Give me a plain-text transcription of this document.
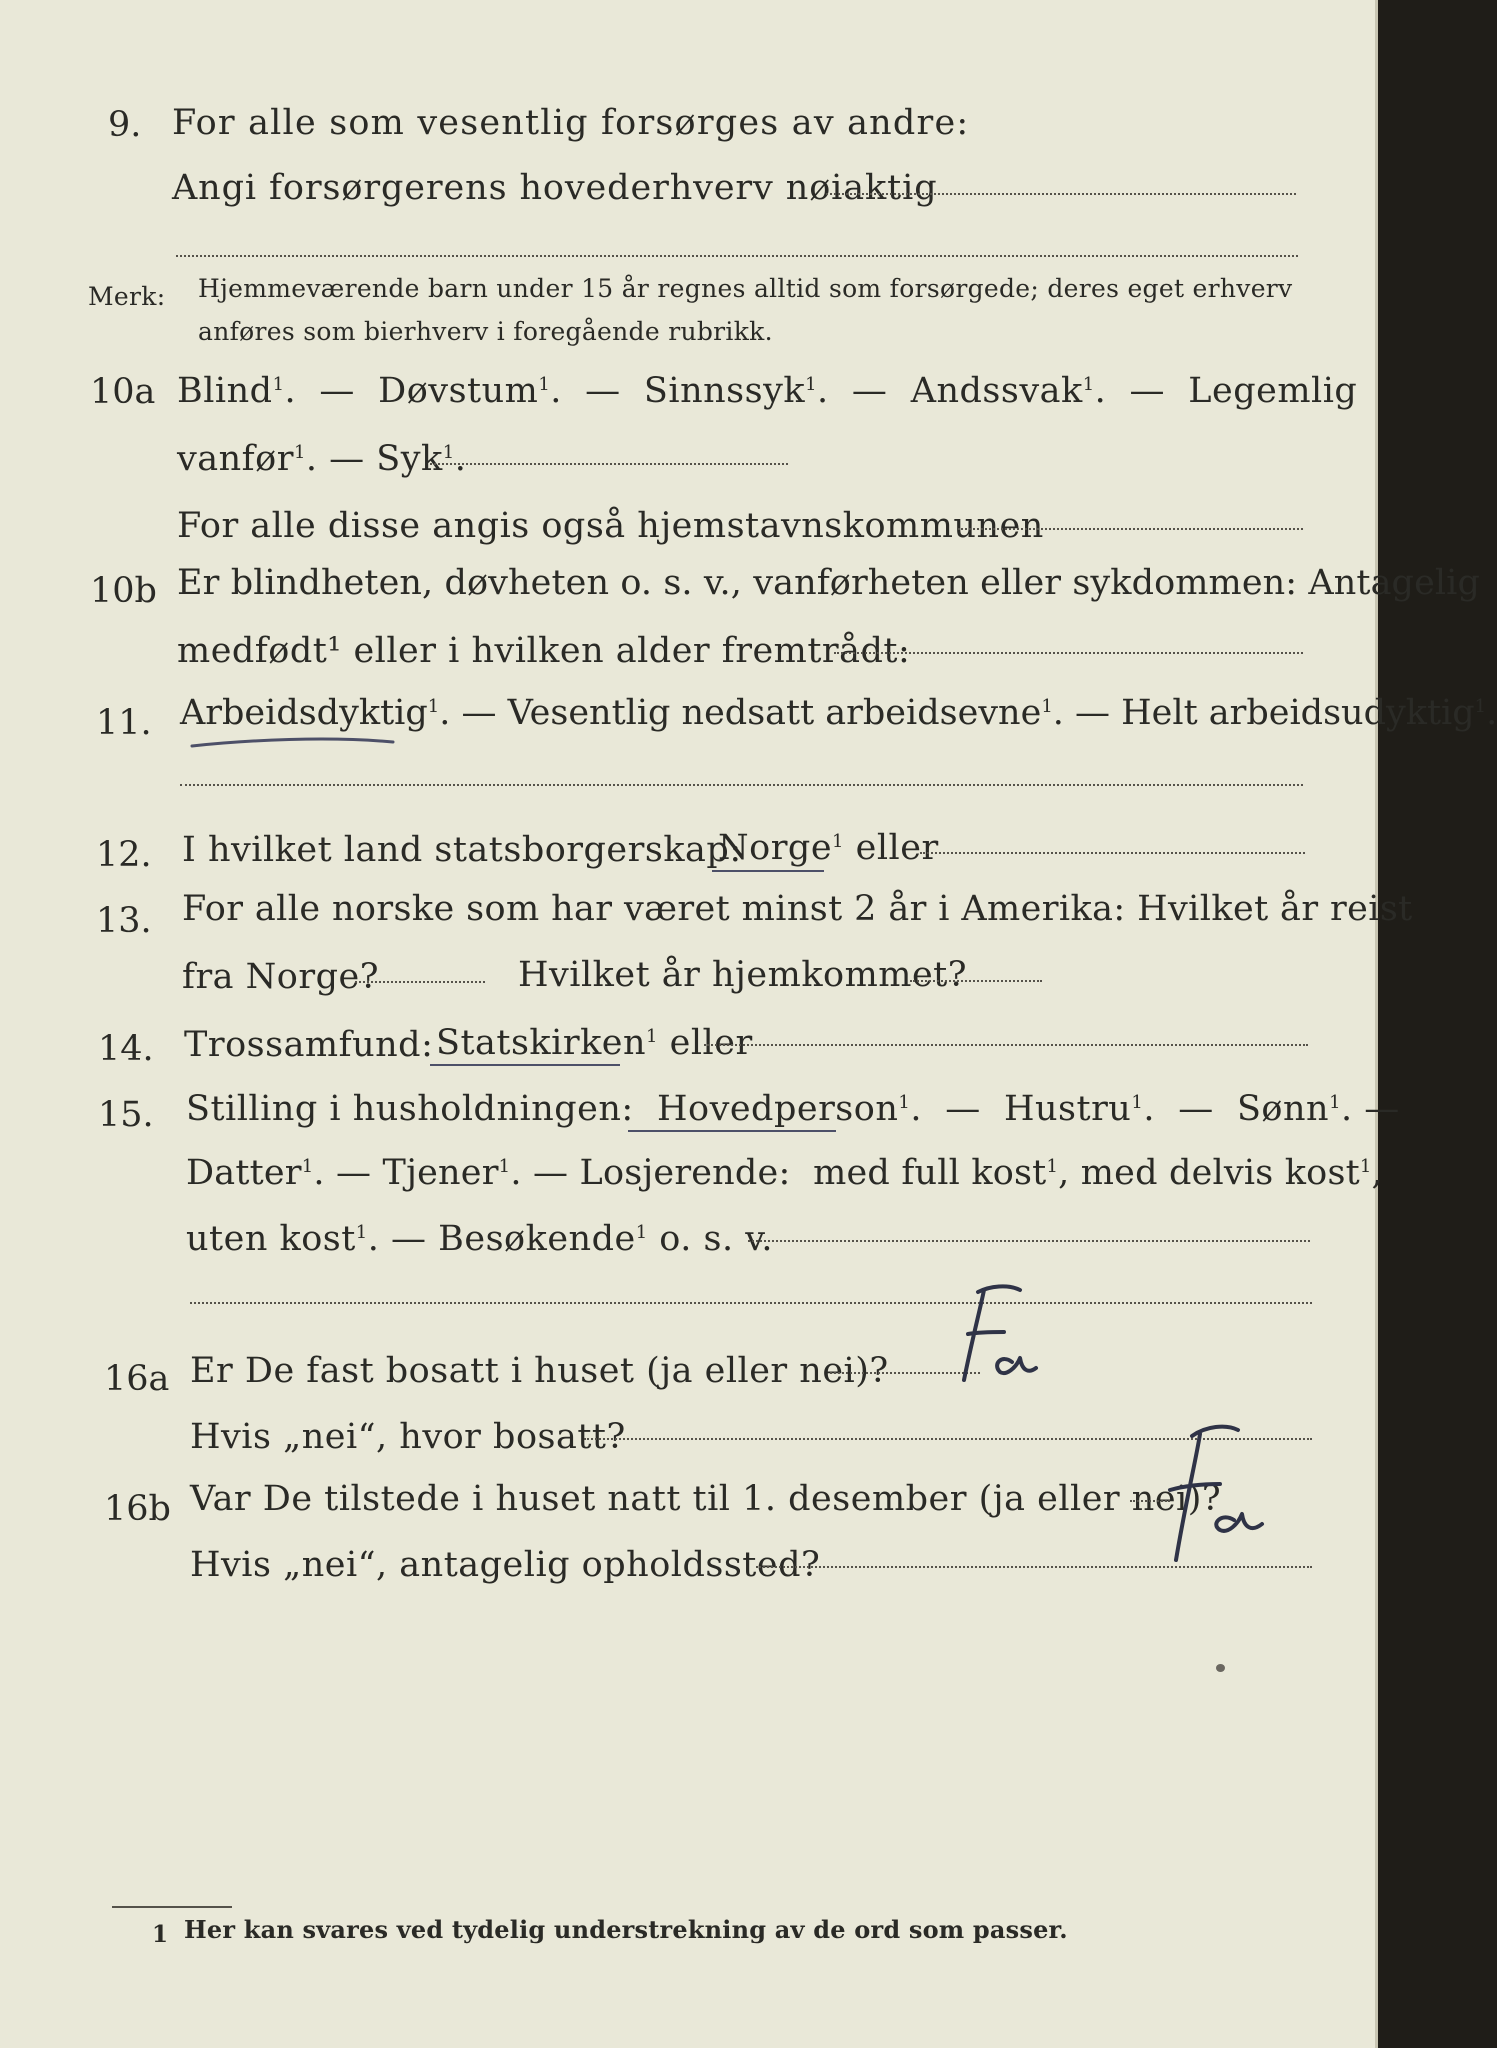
9. For alle som vesentlig forsørges av andre:
Angi forsørgerens hovederhverv nøiaktig
Merk: Hjemmeværende barn under 15 år regnes alltid som forsørgede; deres eget erhverv
anføres som bierhverv i foregående rubrikk.
10a Blind$^1$.  —  Døvstum$^1$.  —  Sinnssyk$^1$.  —  Andssvak$^1$.  —  Legemlig
vanfør$^1$. — Syk$^1$.
For alle disse angis også hjemstavnskommunen
10b Er blindheten, døvheten o. s. v., vanførheten eller sykdommen: Antagelig
medfødt¹ eller i hvilken alder fremtrådt:
11. Arbeidsdyktig$^1$. — Vesentlig nedsatt arbeidsevne$^1$. — Helt arbeidsudyktig$^1$.
12. I hvilket land statsborgerskap:
Norge$^1$ eller
13. For alle norske som har været minst 2 år i Amerika: Hvilket år reist
fra Norge?	Hvilket år hjemkommet?
14. Trossamfund: Statskirken$^1$ eller
15. Stilling i husholdningen: Hovedperson$^1$.  —  Hustru$^1$.  —  Sønn$^1$. —
Datter$^1$. — Tjener$^1$. — Losjerende: med full kost$^1$, med delvis kost$^1$,
uten kost$^1$. — Besøkende$^1$ o. s. v.
16a Er De fast bosatt i huset (ja eller nei)?
Hvis „nei“, hvor bosatt?
16b Var De tilstede i huset natt til 1. desember (ja eller nei)?
Hvis „nei“, antagelig opholdssted?
1 Her kan svares ved tydelig understrekning av de ord som passer.
